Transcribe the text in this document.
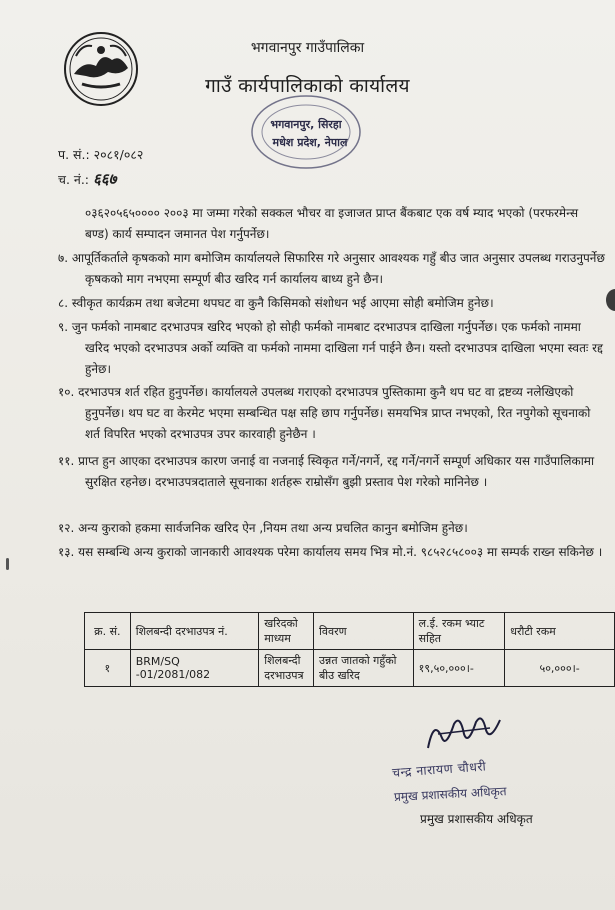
भगवानपुर गाउँपालिका
गाउँ कार्यपालिकाको कार्यालय
भगवानपुर, सिरहा
मधेश प्रदेश, नेपाल
प. सं.: २०८१/०८२
च. नं.: ६६७
०३६२०५६५०००० २००३ मा जम्मा गरेको सक्कल भौचर वा इजाजत प्राप्त बैंकबाट एक वर्ष म्याद भएको (परफरमेन्स बण्ड) कार्य सम्पादन जमानत पेश गर्नुपर्नेछ।
७. आपूर्तिकर्ताले कृषकको माग बमोजिम कार्यालयले सिफारिस गरे अनुसार आवश्यक गहुँ बीउ जात अनुसार उपलब्ध गराउनुपर्नेछ कृषकको माग नभएमा सम्पूर्ण बीउ खरिद गर्न कार्यालय बाध्य हुने छैन।
८. स्वीकृत कार्यक्रम तथा बजेटमा थपघट वा कुनै किसिमको संशोधन भई आएमा सोही बमोजिम हुनेछ।
९. जुन फर्मको नामबाट दरभाउपत्र खरिद भएको हो सोही फर्मको नामबाट दरभाउपत्र दाखिला गर्नुपर्नेछ। एक फर्मको नाममा खरिद भएको दरभाउपत्र अर्को व्यक्ति वा फर्मको नाममा दाखिला गर्न पाईने छैन। यस्तो दरभाउपत्र दाखिला भएमा स्वतः रद्द हुनेछ।
१०. दरभाउपत्र शर्त रहित हुनुपर्नेछ। कार्यालयले उपलब्ध गराएको दरभाउपत्र पुस्तिकामा कुनै थप घट वा द्रष्टव्य नलेखिएको हुनुपर्नेछ। थप घट वा केरमेट भएमा सम्बन्धित पक्ष सहि छाप गर्नुपर्नेछ। समयभित्र प्राप्त नभएको, रित नपुगेको सूचनाको शर्त विपरित भएको दरभाउपत्र उपर कारवाही हुनेछैन ।
११. प्राप्त हुन आएका दरभाउपत्र कारण जनाई वा नजनाई स्विकृत गर्ने/नगर्ने, रद्द गर्ने/नगर्ने सम्पूर्ण अधिकार यस गाउँपालिकामा सुरक्षित रहनेछ। दरभाउपत्रदाताले सूचनाका शर्तहरू राम्रोसँग बुझी प्रस्ताव पेश गरेको मानिनेछ ।
१२. अन्य कुराको हकमा सार्वजनिक खरिद ऐन ,नियम तथा अन्य प्रचलित कानुन बमोजिम हुनेछ।
१३. यस सम्बन्धि अन्य कुराको जानकारी आवश्यक परेमा कार्यालय समय भित्र मो.नं. ९८५२८५८००३ मा सम्पर्क राख्न सकिनेछ ।
क्र. सं.	शिलबन्दी दरभाउपत्र नं.	खरिदको माध्यम	विवरण	ल.ई. रकम भ्याट सहित	धरौटी रकम
१	BRM/SQ -01/2081/082	शिलबन्दी दरभाउपत्र	उन्नत जातको गहुँको बीउ खरिद	१९,५०,०००।-	५०,०००।-
चन्द्र नारायण चौधरी
प्रमुख प्रशासकीय अधिकृत
प्रमुख प्रशासकीय अधिकृत
